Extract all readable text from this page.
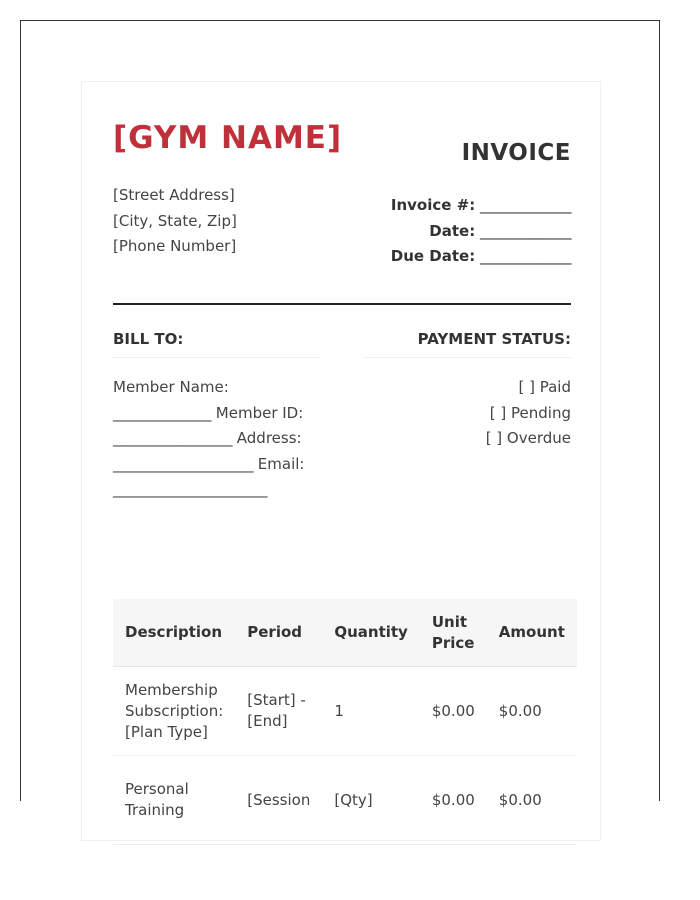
[GYM NAME]	INVOICE
[Street Address]
[City, State, Zip]
[Phone Number]
Invoice #: _____________
Date: _____________
Due Date: _____________
BILL TO:	PAYMENT STATUS:
Member Name: ______________ Member ID: _________________ Address: ____________________ Email: ______________________
[ ] Paid
[ ] Pending
[ ] Overdue
Description	Period	Quantity	Unit Price	Amount
Membership Subscription: [Plan Type]	[Start] - [End]	1	$0.00	$0.00
Personal Training	[Session	[Qty]	$0.00	$0.00
